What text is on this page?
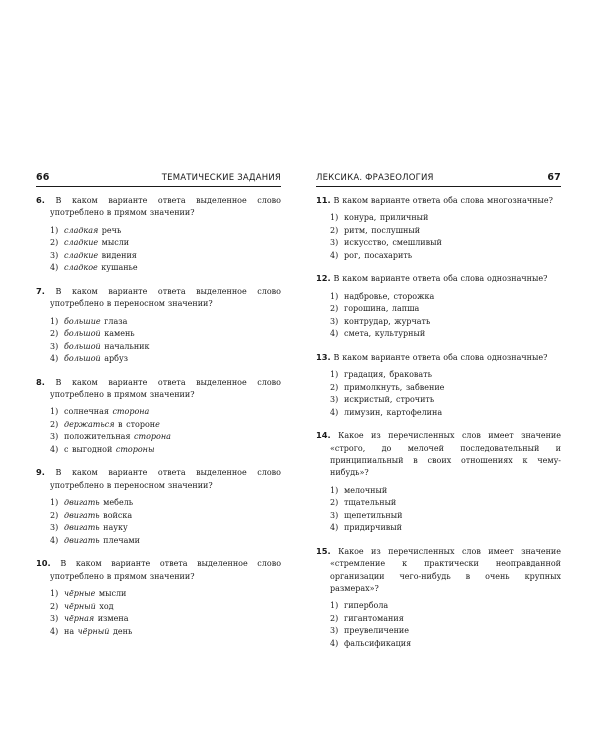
66	ТЕМАТИЧЕСКИЕ ЗАДАНИЯ
6. В каком варианте ответа выделенное слово употреблено в прямом значении?
1) сладкая речь
2) сладкие мысли
3) сладкие видения
4) сладкое кушанье
7. В каком варианте ответа выделенное слово употреблено в переносном значении?
1) большие глаза
2) большой камень
3) большой начальник
4) большой арбуз
8. В каком варианте ответа выделенное слово употреблено в прямом значении?
1) солнечная сторона
2) держаться в стороне
3) положительная сторона
4) с выгодной стороны
9. В каком варианте ответа выделенное слово употреблено в переносном значении?
1) двигать мебель
2) двигать войска
3) двигать науку
4) двигать плечами
10. В каком варианте ответа выделенное слово употреблено в прямом значении?
1) чёрные мысли
2) чёрный ход
3) чёрная измена
4) на чёрный день
ЛЕКСИКА. ФРАЗЕОЛОГИЯ	67
11. В каком варианте ответа оба слова многозначные?
1) конура, приличный
2) ритм, послушный
3) искусство, смешливый
4) рог, посахарить
12. В каком варианте ответа оба слова однозначные?
1) надбровье, сторожка
2) горошина, лапша
3) контрудар, журчать
4) смета, культурный
13. В каком варианте ответа оба слова однозначные?
1) градация, браковать
2) примолкнуть, забвение
3) искристый, строчить
4) лимузин, картофелина
14. Какое из перечисленных слов имеет значение «строго, до мелочей последовательный и принципиальный в своих отношениях к чему-нибудь»?
1) мелочный
2) тщательный
3) щепетильный
4) придирчивый
15. Какое из перечисленных слов имеет значение «стремление к практически неоправданной организации чего-нибудь в очень крупных размерах»?
1) гипербола
2) гигантомания
3) преувеличение
4) фальсификация
